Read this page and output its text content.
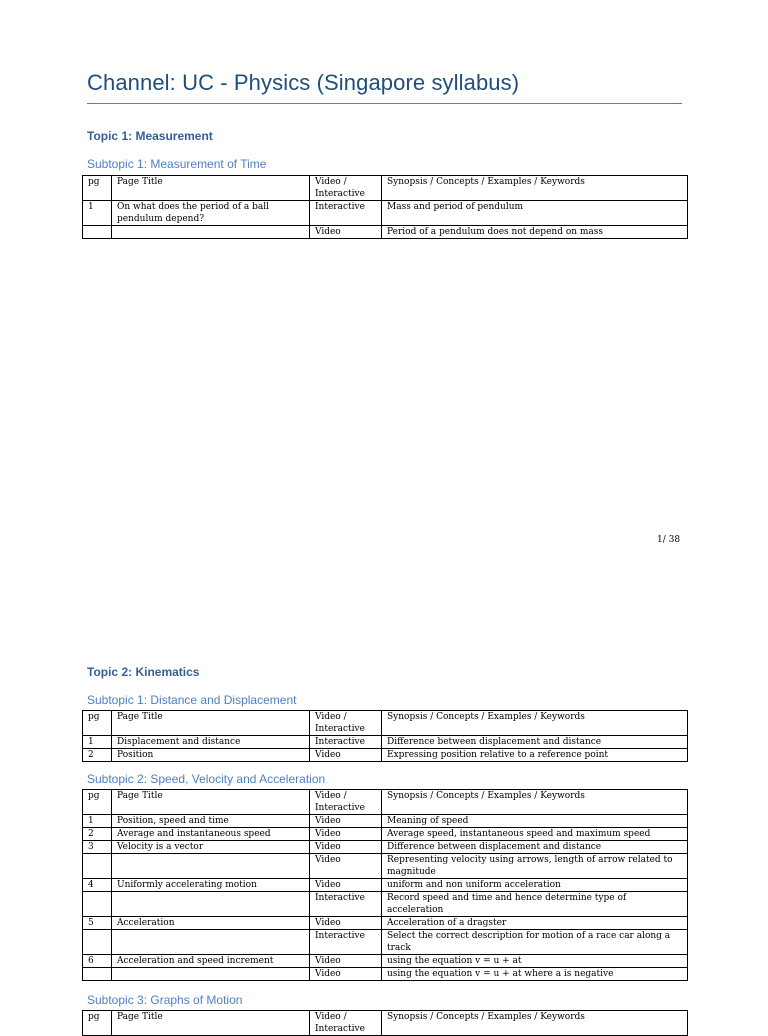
Channel: UC - Physics (Singapore syllabus)
Topic 1: Measurement
Subtopic 1: Measurement of Time
pg	Page Title	Video / Interactive	Synopsis / Concepts / Examples / Keywords
1	On what does the period of a ball pendulum depend?	Interactive	Mass and period of pendulum
		Video	Period of a pendulum does not depend on mass
1/ 38
Topic 2: Kinematics
Subtopic 1: Distance and Displacement
pg	Page Title	Video / Interactive	Synopsis / Concepts / Examples / Keywords
1	Displacement and distance	Interactive	Difference between displacement and distance
2	Position	Video	Expressing position relative to a reference point
Subtopic 2: Speed, Velocity and Acceleration
pg	Page Title	Video / Interactive	Synopsis / Concepts / Examples / Keywords
1	Position, speed and time	Video	Meaning of speed
2	Average and instantaneous speed	Video	Average speed, instantaneous speed and maximum speed
3	Velocity is a vector	Video	Difference between displacement and distance
		Video	Representing velocity using arrows, length of arrow related to magnitude
4	Uniformly accelerating motion	Video	uniform and non uniform acceleration
		Interactive	Record speed and time and hence determine type of acceleration
5	Acceleration	Video	Acceleration of a dragster
		Interactive	Select the correct description for motion of a race car along a track
6	Acceleration and speed increment	Video	using the equation v = u + at
		Video	using the equation v = u + at where a is negative
Subtopic 3: Graphs of Motion
pg	Page Title	Video / Interactive	Synopsis / Concepts / Examples / Keywords
